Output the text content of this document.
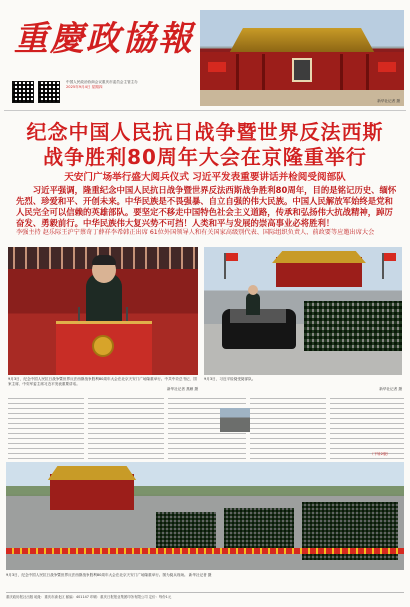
重慶政協報
中国人民政治协商会议重庆市委员会主管主办
2025年9月4日 星期四
新华社记者 摄
纪念中国人民抗日战争暨世界反法西斯
战争胜利80周年大会在京隆重举行
天安门广场举行盛大阅兵仪式 习近平发表重要讲话并检阅受阅部队
习近平强调，隆重纪念中国人民抗日战争暨世界反法西斯战争胜利80周年，目的是铭记历史、缅怀先烈、珍爱和平、开创未来。中华民族是不畏强暴、自立自强的伟大民族。中国人民解放军始终是党和人民完全可以信赖的英雄部队。要坚定不移走中国特色社会主义道路，传承和弘扬伟大抗战精神，踔厉奋发、勇毅前行。中华民族伟大复兴势不可挡！人类和平与发展的崇高事业必将胜利！
李强主持 赵乐际王沪宁蔡奇丁薛祥李希韩正出席 61位外国领导人和有关国家高级别代表、国际组织负责人、前政要等应邀出席大会
9月3日，纪念中国人民抗日战争暨世界反法西斯战争胜利80周年大会在北京天安门广场隆重举行。中共中央总书记、国家主席、中央军委主席习近平发表重要讲话。
新华社记者 燕雁 摄
9月3日，习近平检阅受阅部队。
新华社记者 摄
（下转2版）
9月3日，纪念中国人民抗日战争暨世界反法西斯战争胜利80周年大会在北京天安门广场隆重举行。图为阅兵现场。 新华社记者 摄
重庆政协报社出版 地址：重庆市渝北区 邮编：401147 印刷：重庆日报报业集团印务有限公司 定价：每份1元
